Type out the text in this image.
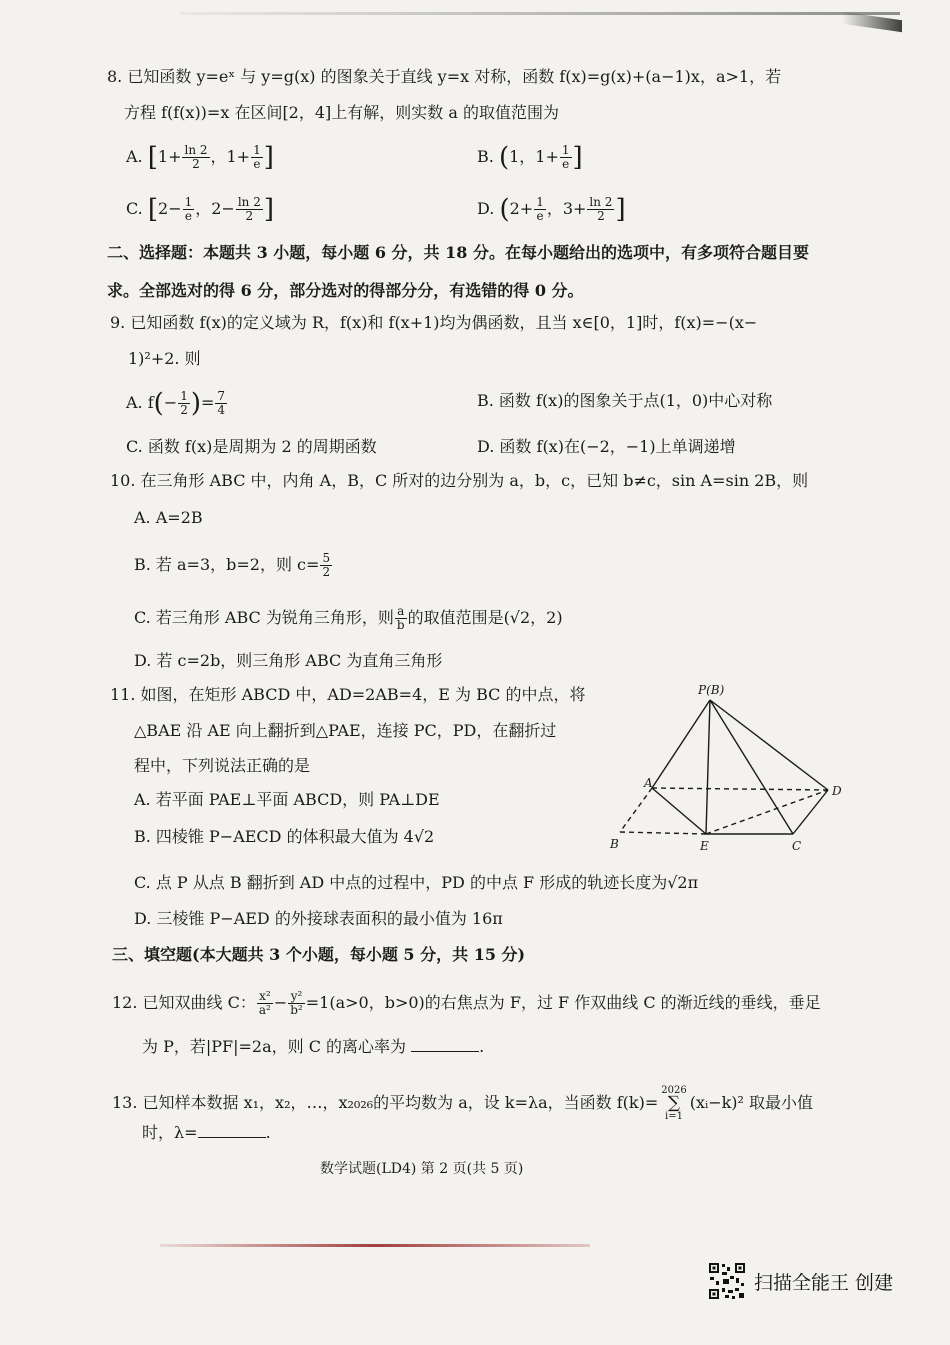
8. 已知函数 y=eˣ 与 y=g(x) 的图象关于直线 y=x 对称，函数 f(x)=g(x)+(a−1)x，a>1，若
方程 f(f(x))=x 在区间[2，4]上有解，则实数 a 的取值范围为
A. [$1+ \frac{\ln 2}{2}$ ，$1+ \frac{1}{e}$ ]	B. (1，$1+ \frac{1}{e}$ ]
C. [$2- \frac{1}{e}$ ，$2- \frac{\ln 2}{2}$ ]	D. ($2+ \frac{1}{e}$ ，$3+ \frac{\ln 2}{2}$ ]
二、选择题：本题共 3 小题，每小题 6 分，共 18 分。在每小题给出的选项中，有多项符合题目要
求。全部选对的得 6 分，部分选对的得部分分，有选错的得 0 分。
9. 已知函数 f(x)的定义域为 R，f(x)和 f(x+1)均为偶函数，且当 x∈[0，1]时，f(x)=−(x−
1)²+2. 则
A. $f(- \frac{1}{2}$ )= $\frac{7}{4}$	B. 函数 f(x)的图象关于点(1，0)中心对称
C. 函数 f(x)是周期为 2 的周期函数	D. 函数 f(x)在(−2，−1)上单调递增
10. 在三角形 ABC 中，内角 A，B，C 所对的边分别为 a，b，c，已知 b≠c，sin A=sin 2B，则
A. A=2B
B. 若 a=3，b=2，则 $c= \frac{5}{2}$
C. 若三角形 ABC 为锐角三角形，则 $\frac{a}{b}$ 的取值范围是(√2，2)
D. 若 c=2b，则三角形 ABC 为直角三角形
11. 如图，在矩形 ABCD 中，AD=2AB=4，E 为 BC 的中点，将
△BAE 沿 AE 向上翻折到△PAE，连接 PC，PD，在翻折过
程中，下列说法正确的是
A. 若平面 PAE⊥平面 ABCD，则 PA⊥DE
B. 四棱锥 P−AECD 的体积最大值为 4√2
C. 点 P 从点 B 翻折到 AD 中点的过程中，PD 的中点 F 形成的轨迹长度为√2π
D. 三棱锥 P−AED 的外接球表面积的最小值为 16π
P(B)
A
D
B	E	C
三、填空题(本大题共 3 个小题，每小题 5 分，共 15 分)
12. 已知双曲线 C： $\frac{\text{x²}}{\text{a²}} - \frac{\text{y²}}{\text{b²}} =1(a>0$，b>0)的右焦点为 F，过 F 作双曲线 C 的渐近线的垂线，垂足
为 P，若|PF|=2a，则 C 的离心率为	.
13. 已知样本数据 x₁，x₂，…，x₂₀₂₆的平均数为 a，设 k=λa，当函数 f(k)=
2026
∑
i=1
(xᵢ−k)² 取最小值
时，λ=	.
数学试题(LD4) 第 2 页(共 5 页)
扫描全能王 创建
